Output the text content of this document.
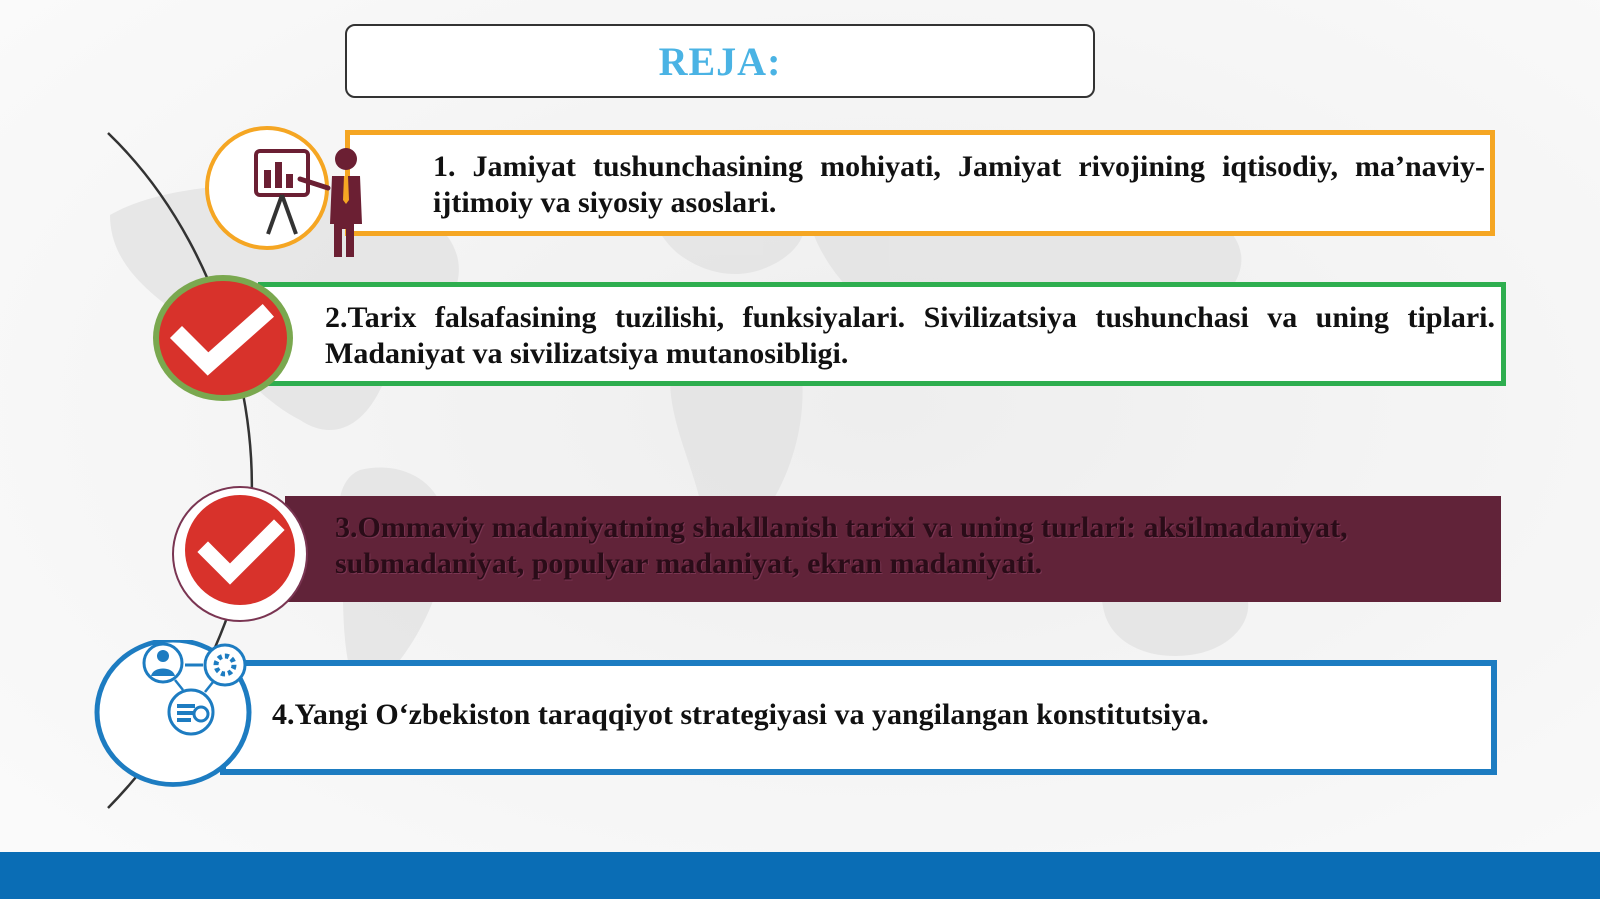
REJA:
1. Jamiyat tushunchasining mohiyati, Jamiyat rivojining iqtisodiy, ma’naviy- ijtimoiy va siyosiy asoslari.
2.Tarix falsafasining tuzilishi, funksiyalari. Sivilizatsiya tushunchasi va uning tiplari. Madaniyat va sivilizatsiya mutanosibligi.
3.Ommaviy madaniyatning shakllanish tarixi va uning turlari: aksilmadaniyat, submadaniyat, populyar madaniyat, ekran madaniyati.
4.Yangi O‘zbekiston taraqqiyot strategiyasi va yangilangan konstitutsiya.
